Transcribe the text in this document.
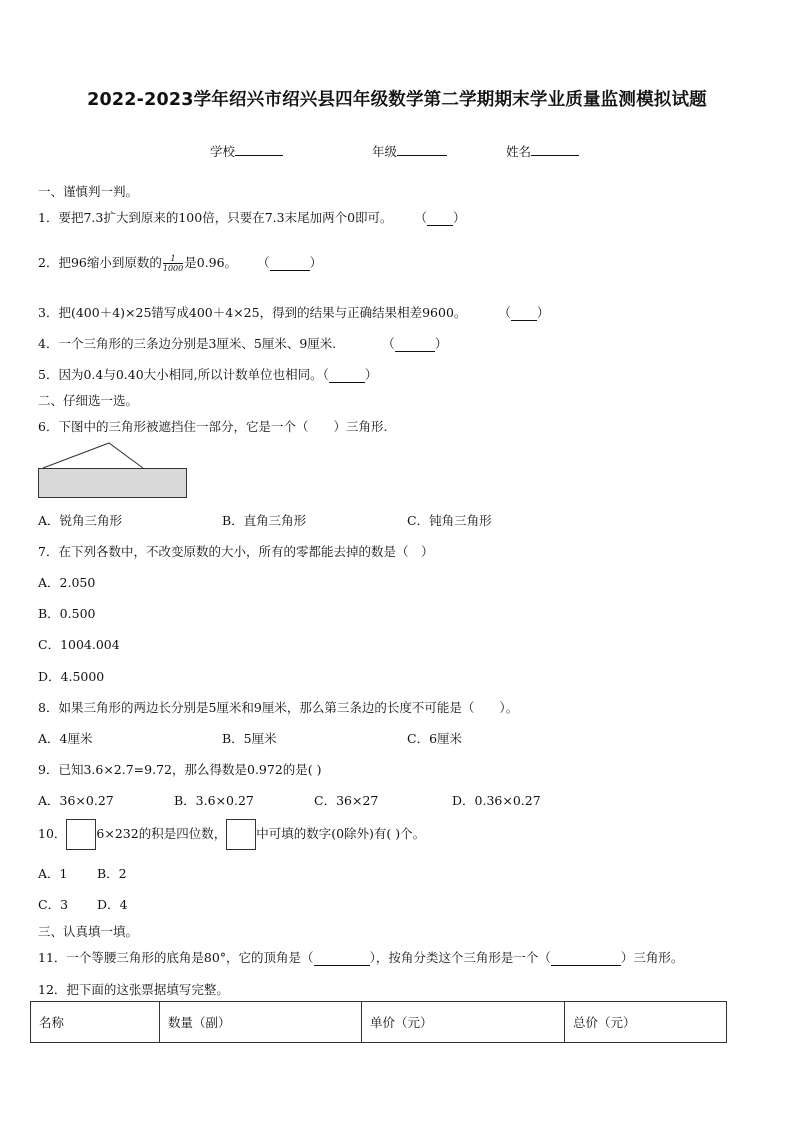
2022-2023学年绍兴市绍兴县四年级数学第二学期期末学业质量监测模拟试题
学校	年级	姓名
一、谨慎判一判。
1．要把7.3扩大到原来的100倍，只要在7.3末尾加两个0即可。 （ ）
2．把96缩小到原数的 $\frac{1}{1000}$ 是0.96。 （	）
3．把(400＋4)×25错写成400＋4×25，得到的结果与正确结果相差9600。	（ ）
4．一个三角形的三条边分别是3厘米、5厘米、9厘米.	（	）
5．因为0.4与0.40大小相同,所以计数单位也相同。（	）
二、仔细选一选。
6．下图中的三角形被遮挡住一部分，它是一个（　　）三角形.
A．锐角三角形	B．直角三角形	C．钝角三角形
7．在下列各数中，不改变原数的大小，所有的零都能去掉的数是（　）
A．2.050
B．0.500
C．1004.004
D．4.5000
8．如果三角形的两边长分别是5厘米和9厘米，那么第三条边的长度不可能是（　　）。
A．4厘米	B．5厘米	C．6厘米
9．已知3.6×2.7=9.72，那么得数是0.972的是( )
A．36×0.27	B．3.6×0.27	C．36×27	D．0.36×0.27
10． 6×232的积是四位数， 中可填的数字(0除外)有( )个。
A．1 B．2
C．3 D．4
三、认真填一填。
11．一个等腰三角形的底角是80°，它的顶角是（	），按角分类这个三角形是一个（	）三角形。
12．把下面的这张票据填写完整。
名称	数量（副）	单价（元）	总价（元）
